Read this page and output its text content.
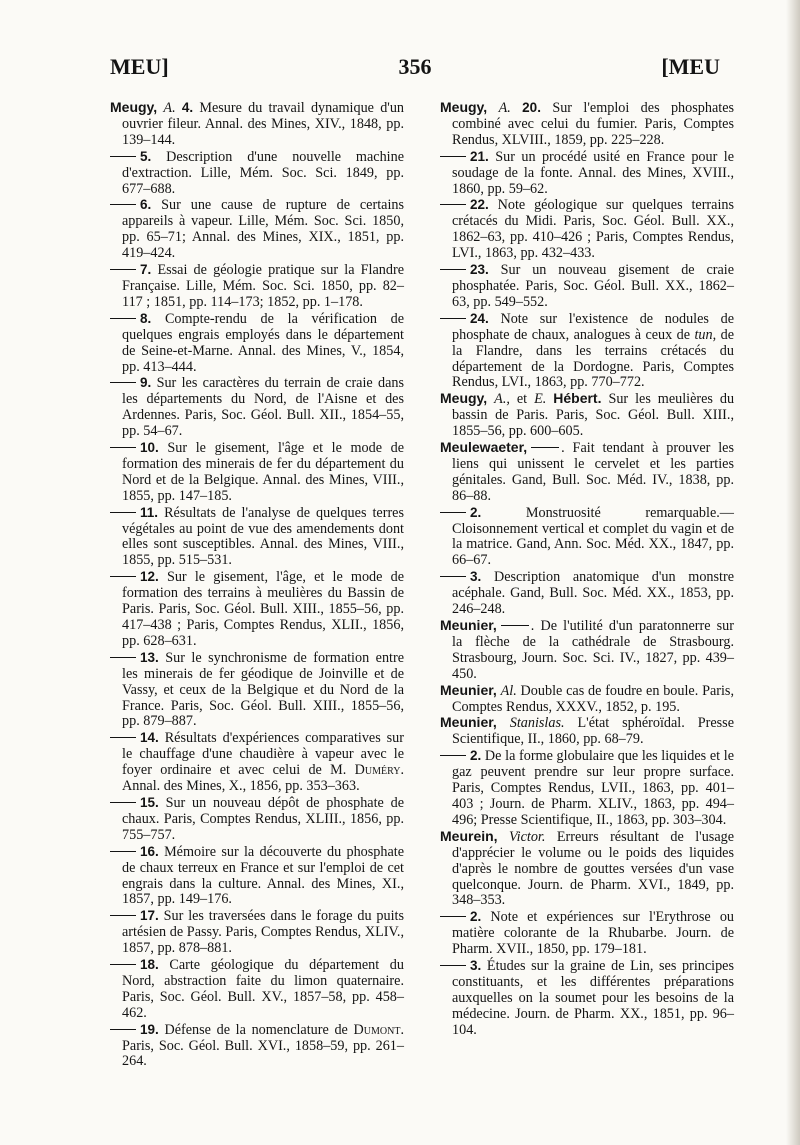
MEU]	356	[MEU

Meugy, A. 4. Mesure du travail dynamique d'un ouvrier fileur. Annal. des Mines, XIV., 1848, pp. 139–144.

5. Description d'une nouvelle machine d'extraction. Lille, Mém. Soc. Sci. 1849, pp. 677–688.

6. Sur une cause de rupture de certains appareils à vapeur. Lille, Mém. Soc. Sci. 1850, pp. 65–71; Annal. des Mines, XIX., 1851, pp. 419–424.

7. Essai de géologie pratique sur la Flandre Française. Lille, Mém. Soc. Sci. 1850, pp. 82–117 ; 1851, pp. 114–173; 1852, pp. 1–178.

8. Compte-rendu de la vérification de quelques engrais employés dans le département de Seine-et-Marne. Annal. des Mines, V., 1854, pp. 413–444.

9. Sur les caractères du terrain de craie dans les départements du Nord, de l'Aisne et des Ardennes. Paris, Soc. Géol. Bull. XII., 1854–55, pp. 54–67.

10. Sur le gisement, l'âge et le mode de formation des minerais de fer du département du Nord et de la Belgique. Annal. des Mines, VIII., 1855, pp. 147–185.

11. Résultats de l'analyse de quelques terres végétales au point de vue des amendements dont elles sont susceptibles. Annal. des Mines, VIII., 1855, pp. 515–531.

12. Sur le gisement, l'âge, et le mode de formation des terrains à meulières du Bassin de Paris. Paris, Soc. Géol. Bull. XIII., 1855–56, pp. 417–438 ; Paris, Comptes Rendus, XLII., 1856, pp. 628–631.

13. Sur le synchronisme de formation entre les minerais de fer géodique de Joinville et de Vassy, et ceux de la Belgique et du Nord de la France. Paris, Soc. Géol. Bull. XIII., 1855–56, pp. 879–887.

14. Résultats d'expériences comparatives sur le chauffage d'une chaudière à vapeur avec le foyer ordinaire et avec celui de M. Duméry. Annal. des Mines, X., 1856, pp. 353–363.

15. Sur un nouveau dépôt de phosphate de chaux. Paris, Comptes Rendus, XLIII., 1856, pp. 755–757.

16. Mémoire sur la découverte du phosphate de chaux terreux en France et sur l'emploi de cet engrais dans la culture. Annal. des Mines, XI., 1857, pp. 149–176.

17. Sur les traversées dans le forage du puits artésien de Passy. Paris, Comptes Rendus, XLIV., 1857, pp. 878–881.

18. Carte géologique du département du Nord, abstraction faite du limon quaternaire. Paris, Soc. Géol. Bull. XV., 1857–58, pp. 458–462.

19. Défense de la nomenclature de Dumont. Paris, Soc. Géol. Bull. XVI., 1858–59, pp. 261–264.

Meugy, A. 20. Sur l'emploi des phosphates combiné avec celui du fumier. Paris, Comptes Rendus, XLVIII., 1859, pp. 225–228.

21. Sur un procédé usité en France pour le soudage de la fonte. Annal. des Mines, XVIII., 1860, pp. 59–62.

22. Note géologique sur quelques terrains crétacés du Midi. Paris, Soc. Géol. Bull. XX., 1862–63, pp. 410–426 ; Paris, Comptes Rendus, LVI., 1863, pp. 432–433.

23. Sur un nouveau gisement de craie phosphatée. Paris, Soc. Géol. Bull. XX., 1862–63, pp. 549–552.

24. Note sur l'existence de nodules de phosphate de chaux, analogues à ceux de tun, de la Flandre, dans les terrains crétacés du département de la Dordogne. Paris, Comptes Rendus, LVI., 1863, pp. 770–772.

Meugy, A., et E. Hébert. Sur les meulières du bassin de Paris. Paris, Soc. Géol. Bull. XIII., 1855–56, pp. 600–605.

Meulewaeter, . Fait tendant à prouver les liens qui unissent le cervelet et les parties génitales. Gand, Bull. Soc. Méd. IV., 1838, pp. 86–88.

2.	Monstruosité remarquable.—Cloisonnement vertical et complet du vagin et de la matrice. Gand, Ann. Soc. Méd. XX., 1847, pp. 66–67.

3. Description anatomique d'un monstre acéphale. Gand, Bull. Soc. Méd. XX., 1853, pp. 246–248.

Meunier, . De l'utilité d'un paratonnerre sur la flèche de la cathédrale de Strasbourg. Strasbourg, Journ. Soc. Sci. IV., 1827, pp. 439–450.

Meunier, Al. Double cas de foudre en boule. Paris, Comptes Rendus, XXXV., 1852, p. 195.

Meunier, Stanislas. L'état sphéroïdal. Presse Scientifique, II., 1860, pp. 68–79.

2. De la forme globulaire que les liquides et le gaz peuvent prendre sur leur propre surface. Paris, Comptes Rendus, LVII., 1863, pp. 401–403 ; Journ. de Pharm. XLIV., 1863, pp. 494–496; Presse Scientifique, II., 1863, pp. 303–304.

Meurein, Victor. Erreurs résultant de l'usage d'apprécier le volume ou le poids des liquides d'après le nombre de gouttes versées d'un vase quelconque. Journ. de Pharm. XVI., 1849, pp. 348–353.

2. Note et expériences sur l'Erythrose ou matière colorante de la Rhubarbe. Journ. de Pharm. XVII., 1850, pp. 179–181.

3. Études sur la graine de Lin, ses principes constituants, et les différentes préparations auxquelles on la soumet pour les besoins de la médecine. Journ. de Pharm. XX., 1851, pp. 96–104.
